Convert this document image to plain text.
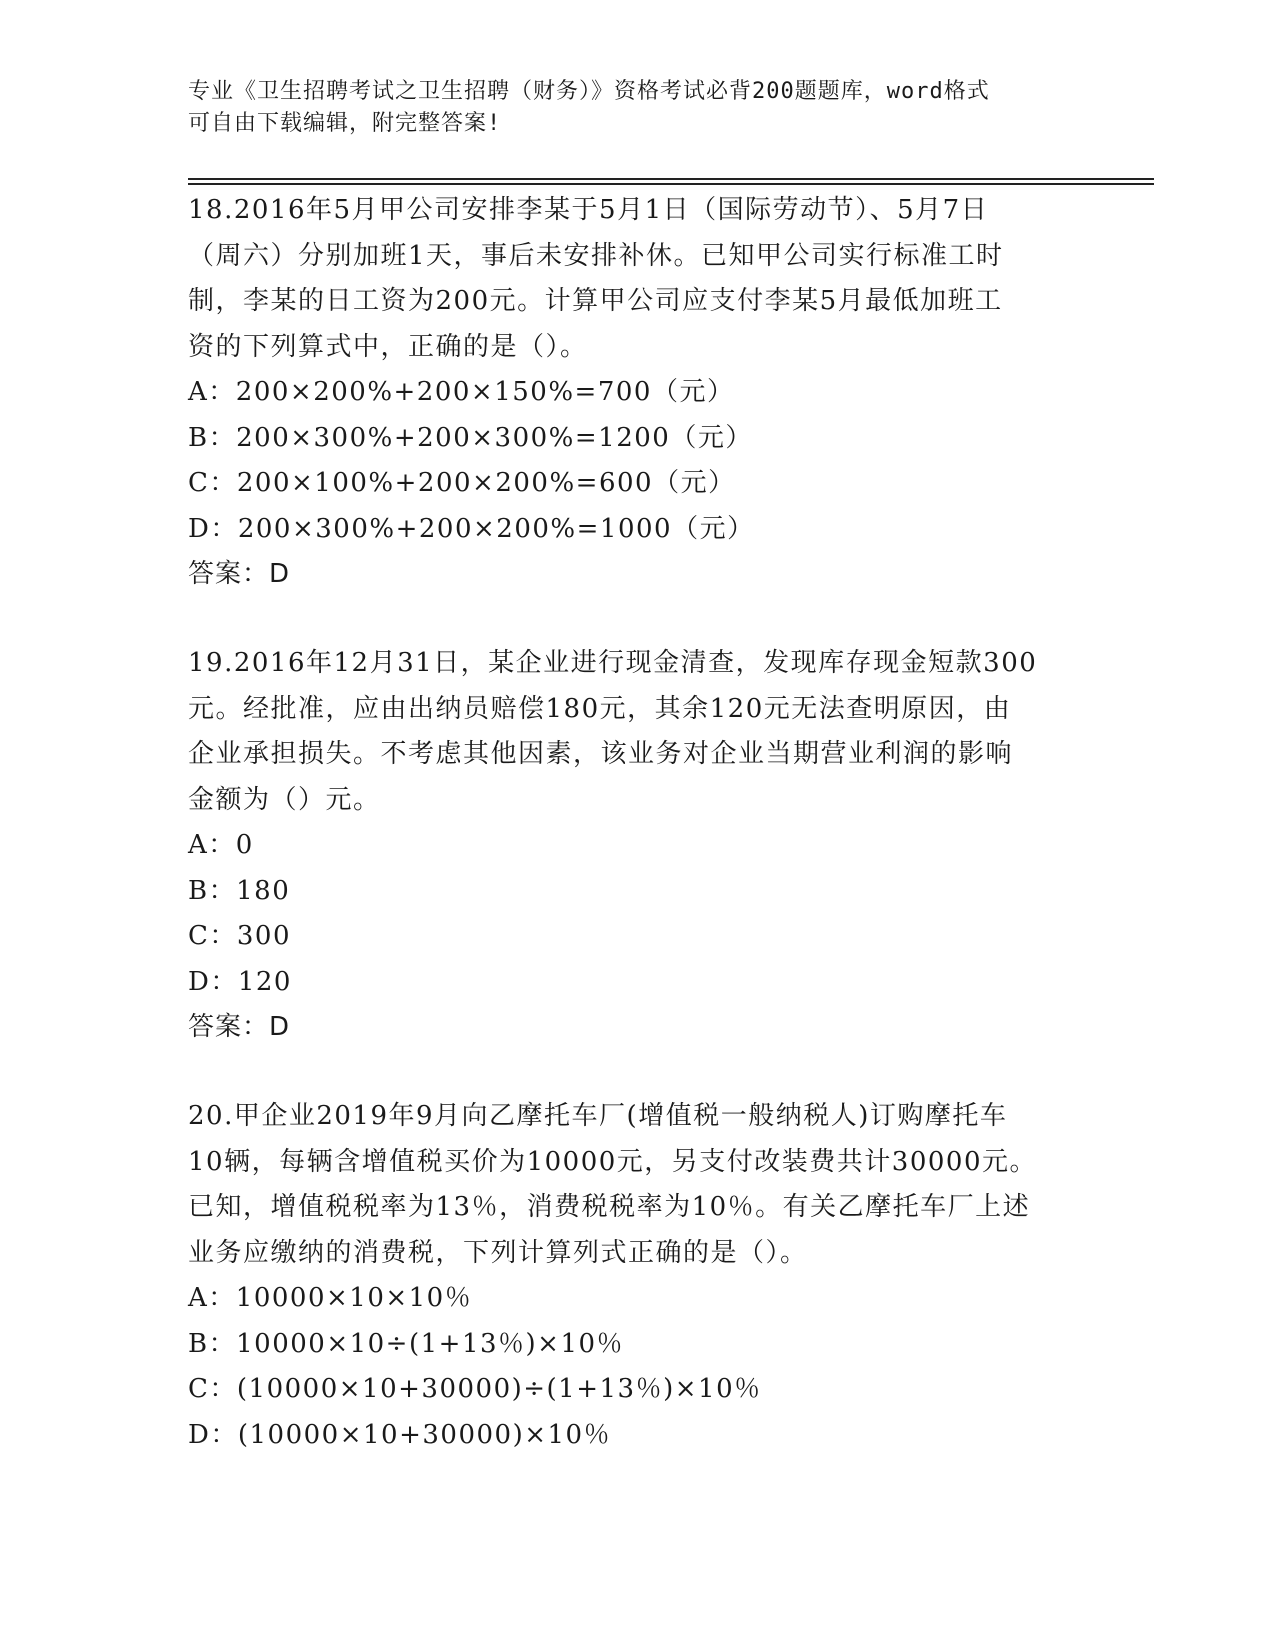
专业《卫生招聘考试之卫生招聘（财务）》资格考试必背200题题库，word格式
可自由下载编辑，附完整答案!
18.2016年5月甲公司安排李某于5月1日（国际劳动节）、5月7日
（周六）分别加班1天，事后未安排补休。已知甲公司实行标准工时
制，李某的日工资为200元。计算甲公司应支付李某5月最低加班工
资的下列算式中，正确的是（）。
A：200×200%+200×150%=700（元）
B：200×300%+200×300%=1200（元）
C：200×100%+200×200%=600（元）
D：200×300%+200×200%=1000（元）
答案：D
19.2016年12月31日，某企业进行现金清查，发现库存现金短款300
元。经批准，应由出纳员赔偿180元，其余120元无法查明原因，由
企业承担损失。不考虑其他因素，该业务对企业当期营业利润的影响
金额为（）元。
A：0
B：180
C：300
D：120
答案：D
20.甲企业2019年9月向乙摩托车厂(增值税一般纳税人)订购摩托车
10辆，每辆含增值税买价为10000元，另支付改装费共计30000元。
已知，增值税税率为13％，消费税税率为10％。有关乙摩托车厂上述
业务应缴纳的消费税，下列计算列式正确的是（）。
A：10000×10×10％
B：10000×10÷(1+13％)×10％
C：(10000×10+30000)÷(1+13％)×10％
D：(10000×10+30000)×10％
